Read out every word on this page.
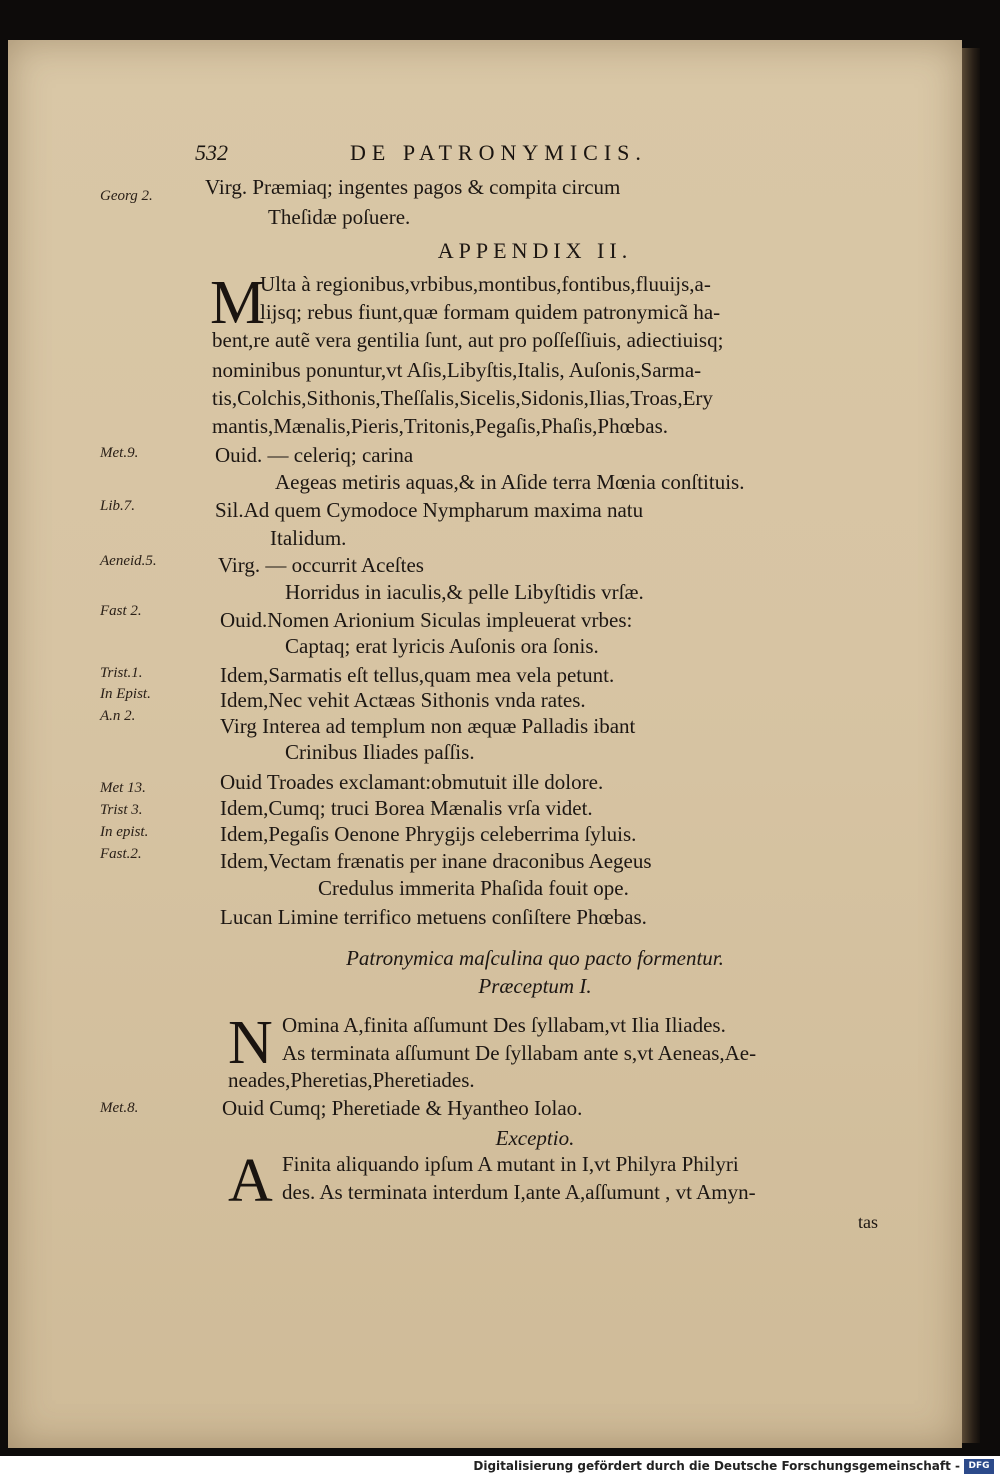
532	DE PATRONYMICIS.
Georg 2.
Met.9.
Lib.7.
Aeneid.5.
Fast 2.
Trist.1.
In Epist.
A.n 2.
Met 13.
Trist 3.
In epist.
Fast.2.
Met.8.
Virg. Præmiaq; ingentes pagos & compita circum
Theſidæ poſuere.
APPENDIX II.
M
Ulta à regionibus,vrbibus,montibus,fontibus,fluuijs,a-
lijsq; rebus fiunt,quæ formam quidem patronymicã ha-
bent,re autẽ vera gentilia ſunt, aut pro poſſeſſiuis, adiectiuisq;
nominibus ponuntur,vt Aſis,Libyſtis,Italis, Auſonis,Sarma-
tis,Colchis,Sithonis,Theſſalis,Sicelis,Sidonis,Ilias,Troas,Ery
mantis,Mænalis,Pieris,Tritonis,Pegaſis,Phaſis,Phœbas.
Ouid. — celeriq; carina
Aegeas metiris aquas,& in Aſide terra Mœnia conſtituis.
Sil.Ad quem Cymodoce Nympharum maxima natu
Italidum.
Virg. — occurrit Aceſtes
Horridus in iaculis,& pelle Libyſtidis vrſæ.
Ouid.Nomen Arionium Siculas impleuerat vrbes:
Captaq; erat lyricis Auſonis ora ſonis.
Idem,Sarmatis eſt tellus,quam mea vela petunt.
Idem,Nec vehit Actæas Sithonis vnda rates.
Virg Interea ad templum non æquæ Palladis ibant
Crinibus Iliades paſſis.
Ouid Troades exclamant:obmutuit ille dolore.
Idem,Cumq; truci Borea Mænalis vrſa videt.
Idem,Pegaſis Oenone Phrygijs celeberrima ſyluis.
Idem,Vectam frænatis per inane draconibus Aegeus
Credulus immerita Phaſida fouit ope.
Lucan Limine terrifico metuens conſiſtere Phœbas.
Patronymica maſculina quo pacto formentur.
Præceptum I.
N Omina A,finita aſſumunt Des ſyllabam,vt Ilia Iliades.
As terminata aſſumunt De ſyllabam ante s,vt Aeneas,Ae-
neades,Pheretias,Pheretiades.
Ouid Cumq; Pheretiade & Hyantheo Iolao.
Exceptio.
A Finita aliquando ipſum A mutant in I,vt Philyra Philyri
des. As terminata interdum I,ante A,aſſumunt , vt Amyn-
tas
Digitalisierung gefördert durch die Deutsche Forschungsgemeinschaft - DFG
